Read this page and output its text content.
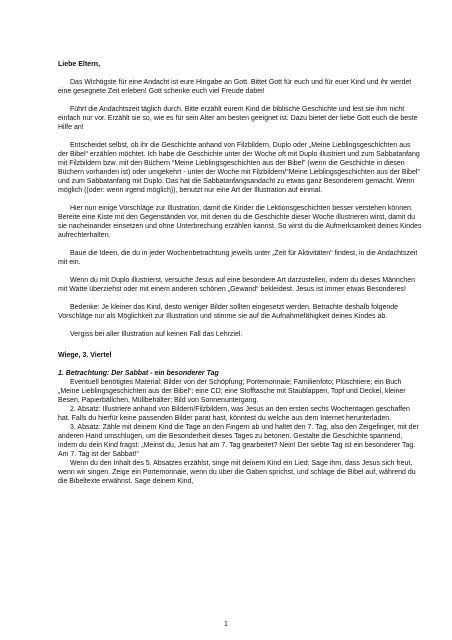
Liebe Eltern,

Das Wichtigste für eine Andacht ist eure Hingabe an Gott. Bittet Gott für euch und für euer Kind und ihr werdet eine gesegnete Zeit erleben! Gott schenke euch viel Freude dabei!

Führt die Andachtszeit täglich durch. Bitte erzählt eurem Kind die biblische Geschichte und lest sie ihm nicht einfach nur vor. Erzählt sie so, wie es für sein Alter am besten geeignet ist. Dazu bietet der liebe Gott euch die beste Hilfe an!

Entscheidet selbst, ob ihr die Geschichte anhand von Filzbildern, Duplo oder „Meine Lieblingsgeschichten aus der Bibel“ erzählen möchtet. Ich habe die Geschichte unter der Woche oft mit Duplo illustriert und zum Sabbatanfang mit Filzbildern bzw. mit den Büchern “Meine Lieblingsgeschichten aus der Bibel” (wenn die Geschichte in diesen Büchern vorhanden ist) oder umgekehrt - unter der Woche mit Filzbildern/“Meine Lieblingsgeschichten aus der Bibel” und zum Sabbatanfang mit Duplo. Das hat die Sabbatanfangsandacht zu etwas ganz Besonderem gemacht. Wenn möglich ((oder: wenn irgend möglich)), benutzt nur eine Art der Illustration auf einmal.

Hier nun einige Vorschläge zur Illustration, damit die Kinder die Lektionsgeschichten besser verstehen können. Bereite eine Kiste mit den Gegenständen vor, mit denen du die Geschichte dieser Woche illustrieren wirst, damit du sie nacheinander einsetzen und ohne Unterbrechung erzählen kannst. So wirst du die Aufmerksamkeit deines Kindes aufrechterhalten.

Baue die Ideen, die du in jeder Wochenbetrachtung jeweils unter „Zeit für Aktivitäten“ findest, in die Andachtszeit mit ein.

Wenn du mit Duplo illustrierst, versuche Jesus auf eine besondere Art darzustellen, indem du dieses Männchen mit Watte überziehst oder mit einem anderen schönen „Gewand“ bekleidest. Jesus ist immer etwas Besonderes!

Bedenke: Je kleiner das Kind, desto weniger Bilder sollten eingesetzt werden. Betrachte deshalb folgende Vorschläge nur als Möglichkeit zur Illustration und stimme sie auf die Aufnahmefähigkeit deines Kindes ab.

Vergiss bei aller Illustration auf keinen Fall das Lehrziel.

Wiege, 3. Viertel

1. Betrachtung: Der Sabbat - ein besonderer Tag

Eventuell benötigtes Material: Bilder von der Schöpfung; Portemonnaie; Familienfoto; Plüschtiere; ein Buch „Meine Lieblingsgeschichten aus der Bibel“; eine CD; eine Stofftasche mit Staublappen, Topf und Deckel, kleiner Besen, Papierbällchen, Müllbehälter; Bild von Sonnenuntergang.

2. Absatz: Illustriere anhand von Bildern/Filzbildern, was Jesus an den ersten sechs Wochentagen geschaffen hat. Falls du hierfür keine passenden Bilder parat hast, könntest du welche aus dem Internet herunterladen.

3. Absatz: Zähle mit deinem Kind die Tage an den Fingern ab und haltet den 7. Tag, also den Zeigefinger, mit der anderen Hand umschlugen, um die Besonderheit dieses Tages zu betonen. Gestalte die Geschichte spannend, indem du dein Kind fragst: „Meinst du, Jesus hat am 7. Tag gearbeitet? Nein! Der siebte Tag ist ein besonderer Tag. Am 7. Tag ist der Sabbat!“

Wenn du den Inhalt des 5. Absatzes erzählst, singe mit deinem Kind ein Lied: Sage ihm, dass Jesus sich freut, wenn wir singen. Zeige ein Portemonnaie, wenn du über die Gaben sprichst, und schlage die Bibel auf, während du die Bibeltexte erwähnst. Sage deinem Kind,

1
